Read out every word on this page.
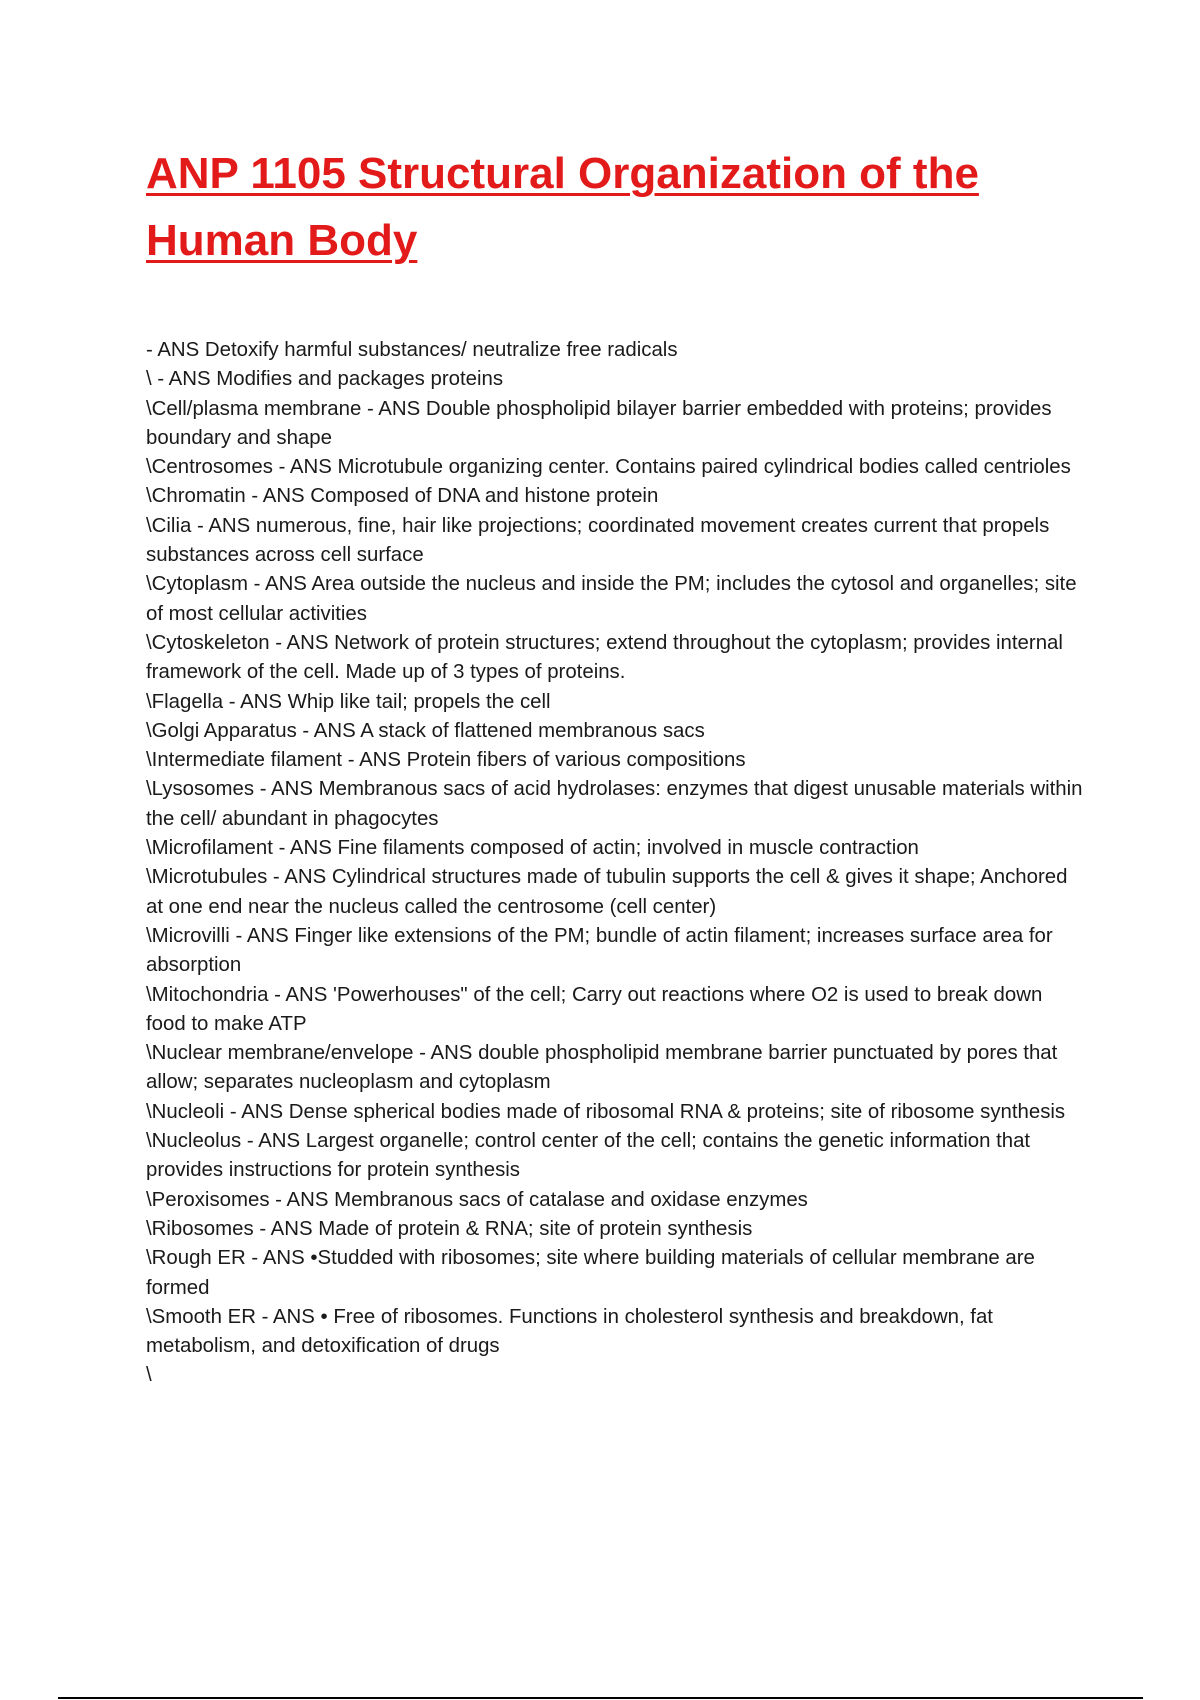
ANP 1105 Structural Organization of the Human Body

- ANS Detoxify harmful substances/ neutralize free radicals

\ - ANS Modifies and packages proteins

\Cell/plasma membrane - ANS Double phospholipid bilayer barrier embedded with proteins; provides boundary and shape

\Centrosomes - ANS Microtubule organizing center. Contains paired cylindrical bodies called centrioles

\Chromatin - ANS Composed of DNA and histone protein

\Cilia - ANS numerous, fine, hair like projections; coordinated movement creates current that propels substances across cell surface

\Cytoplasm - ANS Area outside the nucleus and inside the PM; includes the cytosol and organelles; site of most cellular activities

\Cytoskeleton - ANS Network of protein structures; extend throughout the cytoplasm; provides internal framework of the cell. Made up of 3 types of proteins.

\Flagella - ANS Whip like tail; propels the cell

\Golgi Apparatus - ANS A stack of flattened membranous sacs

\Intermediate filament - ANS Protein fibers of various compositions

\Lysosomes - ANS Membranous sacs of acid hydrolases: enzymes that digest unusable materials within the cell/ abundant in phagocytes

\Microfilament - ANS Fine filaments composed of actin; involved in muscle contraction

\Microtubules - ANS Cylindrical structures made of tubulin supports the cell & gives it shape; Anchored at one end near the nucleus called the centrosome (cell center)

\Microvilli - ANS Finger like extensions of the PM; bundle of actin filament; increases surface area for absorption

\Mitochondria - ANS 'Powerhouses" of the cell; Carry out reactions where O2 is used to break down food to make ATP

\Nuclear membrane/envelope - ANS double phospholipid membrane barrier punctuated by pores that allow; separates nucleoplasm and cytoplasm

\Nucleoli - ANS Dense spherical bodies made of ribosomal RNA & proteins; site of ribosome synthesis

\Nucleolus - ANS Largest organelle; control center of the cell; contains the genetic information that provides instructions for protein synthesis

\Peroxisomes - ANS Membranous sacs of catalase and oxidase enzymes

\Ribosomes - ANS Made of protein & RNA; site of protein synthesis

\Rough ER - ANS •Studded with ribosomes; site where building materials of cellular membrane are formed

\Smooth ER - ANS • Free of ribosomes. Functions in cholesterol synthesis and breakdown, fat metabolism, and detoxification of drugs

\
